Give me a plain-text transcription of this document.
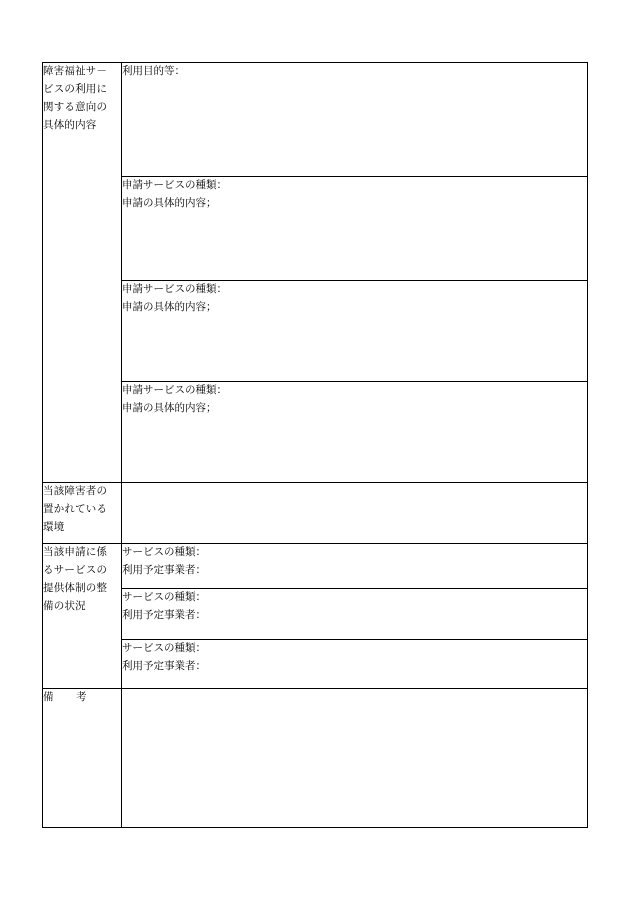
障害福祉サ－
ビスの利用に
関する意向の
具体的内容	利用目的等：

	申請サービスの種類：
申請の具体的内容；

	申請サービスの種類：
申請の具体的内容；

	申請サービスの種類：
申請の具体的内容；

当該障害者の
置かれている
環境	

当該申請に係
るサービスの
提供体制の整
備の状況	サービスの種類：
利用予定事業者：

	サービスの種類：
利用予定事業者：

	サービスの種類：
利用予定事業者：

備　考	
